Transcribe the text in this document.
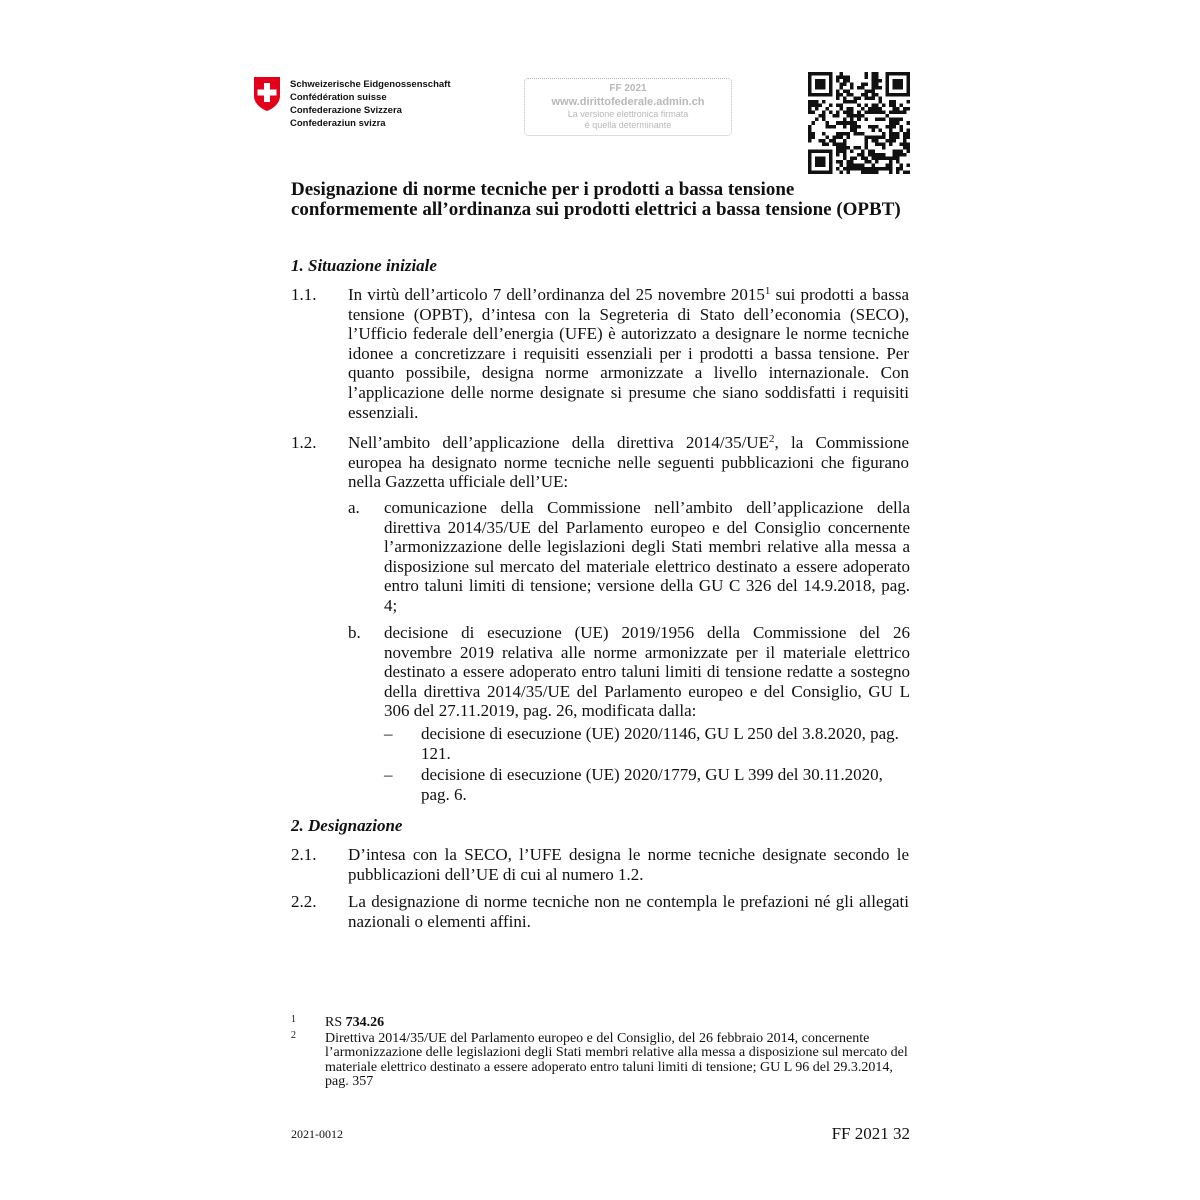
Schweizerische Eidgenossenschaft
Confédération suisse
Confederazione Svizzera
Confederaziun svizra
FF 2021
www.dirittofederale.admin.ch
La versione elettronica firmata
è quella determinante
Designazione di norme tecniche per i prodotti a bassa tensione conformemente all’ordinanza sui prodotti elettrici a bassa tensione (OPBT)
1. Situazione iniziale
1.1. In virtù dell’articolo 7 dell’ordinanza del 25 novembre 2015$^1$ sui prodotti a bassa tensione (OPBT), d’intesa con la Segreteria di Stato dell’economia (SECO), l’Ufficio federale dell’energia (UFE) è autorizzato a designare le norme tecniche idonee a concretizzare i requisiti essenziali per i prodotti a bassa tensione. Per quanto possibile, designa norme armonizzate a livello internazionale. Con l’applicazione delle norme designate si presume che siano soddisfatti i requisiti essenziali.
1.2. Nell’ambito dell’applicazione della direttiva $2014/35/UE^2$, la Commissione europea ha designato norme tecniche nelle seguenti pubblicazioni che figurano nella Gazzetta ufficiale dell’UE:
a. comunicazione della Commissione nell’ambito dell’applicazione della direttiva 2014/35/UE del Parlamento europeo e del Consiglio concernente l’armonizzazione delle legislazioni degli Stati membri relative alla messa a disposizione sul mercato del materiale elettrico destinato a essere adoperato entro taluni limiti di tensione; versione della GU C 326 del 14.9.2018, pag. 4;
b. decisione di esecuzione (UE) 2019/1956 della Commissione del 26 novembre 2019 relativa alle norme armonizzate per il materiale elettrico destinato a essere adoperato entro taluni limiti di tensione redatte a sostegno della direttiva 2014/35/UE del Parlamento europeo e del Consiglio, GU L 306 del 27.11.2019, pag. 26, modificata dalla:
– decisione di esecuzione (UE) 2020/1146, GU L 250 del 3.8.2020, pag. 121.
– decisione di esecuzione (UE) 2020/1779, GU L 399 del 30.11.2020, pag. 6.
2. Designazione
2.1. D’intesa con la SECO, l’UFE designa le norme tecniche designate secondo le pubblicazioni dell’UE di cui al numero 1.2.
2.2. La designazione di norme tecniche non ne contempla le prefazioni né gli allegati nazionali o elementi affini.
1 RS 734.26
2 Direttiva 2014/35/UE del Parlamento europeo e del Consiglio, del 26 febbraio 2014, concernente l’armonizzazione delle legislazioni degli Stati membri relative alla messa a disposizione sul mercato del materiale elettrico destinato a essere adoperato entro taluni limiti di tensione; GU L 96 del 29.3.2014, pag. 357
2021-0012	FF 2021 32
